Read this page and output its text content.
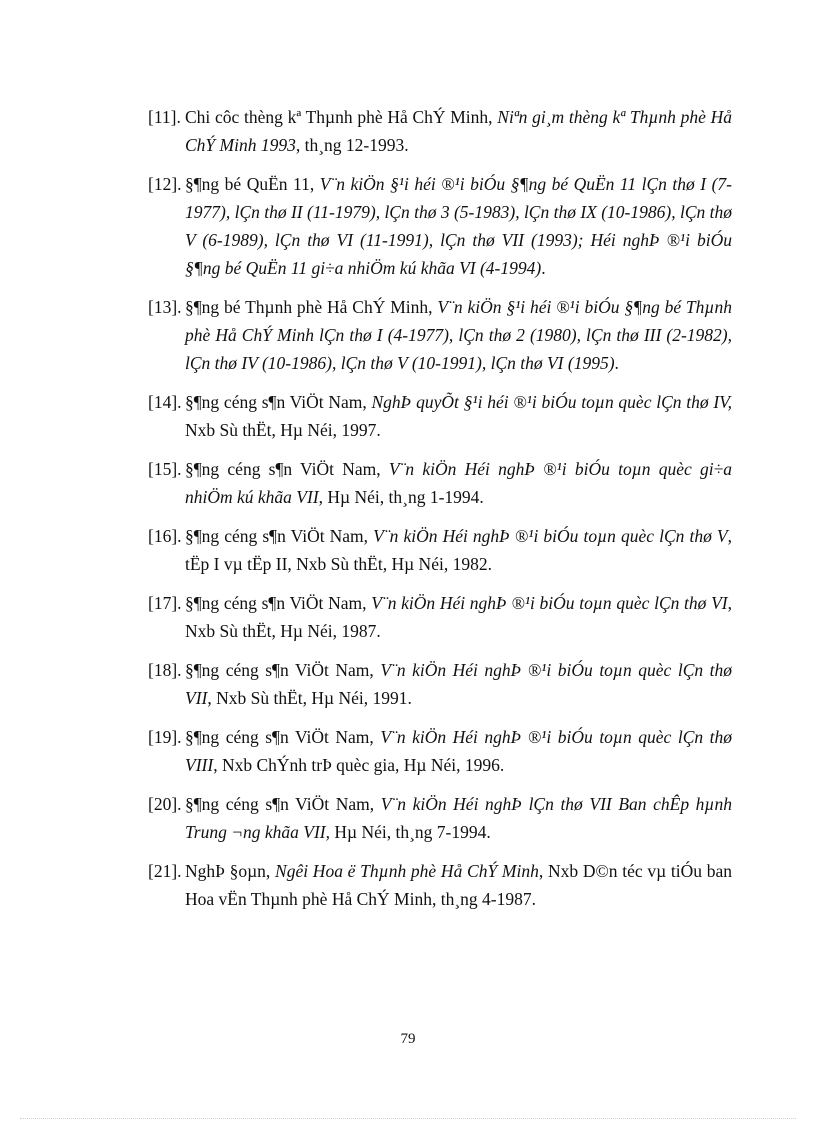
[11]. Chi côc thèng kª Thµnh phè Hå ChÝ Minh, Niªn gi¸m thèng kª Thµnh phè Hå ChÝ Minh 1993, th¸ng 12-1993.
[12]. §¶ng bé QuËn 11, V¨n kiÖn §¹i héi ®¹i biÓu §¶ng bé QuËn 11 lÇn thø I (7-1977), lÇn thø II (11-1979), lÇn thø 3 (5-1983), lÇn thø IX (10-1986), lÇn thø V (6-1989), lÇn thø VI (11-1991), lÇn thø VII (1993); Héi nghÞ ®¹i biÓu §¶ng bé QuËn 11 gi÷a nhiÖm kú khãa VI (4-1994).
[13]. §¶ng bé Thµnh phè Hå ChÝ Minh, V¨n kiÖn §¹i héi ®¹i biÓu §¶ng bé Thµnh phè Hå ChÝ Minh lÇn thø I (4-1977), lÇn thø 2 (1980), lÇn thø III (2-1982), lÇn thø IV (10-1986), lÇn thø V (10-1991), lÇn thø VI (1995).
[14]. §¶ng céng s¶n ViÖt Nam, NghÞ quyÕt §¹i héi ®¹i biÓu toµn quèc lÇn thø IV, Nxb Sù thËt, Hµ Néi, 1997.
[15]. §¶ng céng s¶n ViÖt Nam, V¨n kiÖn Héi nghÞ ®¹i biÓu toµn quèc gi÷a nhiÖm kú khãa VII, Hµ Néi, th¸ng 1-1994.
[16]. §¶ng céng s¶n ViÖt Nam, V¨n kiÖn Héi nghÞ ®¹i biÓu toµn quèc lÇn thø V, tËp I vµ tËp II, Nxb Sù thËt, Hµ Néi, 1982.
[17]. §¶ng céng s¶n ViÖt Nam, V¨n kiÖn Héi nghÞ ®¹i biÓu toµn quèc lÇn thø VI, Nxb Sù thËt, Hµ Néi, 1987.
[18]. §¶ng céng s¶n ViÖt Nam, V¨n kiÖn Héi nghÞ ®¹i biÓu toµn quèc lÇn thø VII, Nxb Sù thËt, Hµ Néi, 1991.
[19]. §¶ng céng s¶n ViÖt Nam, V¨n kiÖn Héi nghÞ ®¹i biÓu toµn quèc lÇn thø VIII, Nxb ChÝnh trÞ quèc gia, Hµ Néi, 1996.
[20]. §¶ng céng s¶n ViÖt Nam, V¨n kiÖn Héi nghÞ lÇn thø VII Ban chÊp hµnh Trung ¬ng khãa VII, Hµ Néi, th¸ng 7-1994.
[21]. NghÞ §oµn, Ngêi Hoa ë Thµnh phè Hå ChÝ Minh, Nxb D©n téc vµ tiÓu ban Hoa vËn Thµnh phè Hå ChÝ Minh, th¸ng 4-1987.
79
